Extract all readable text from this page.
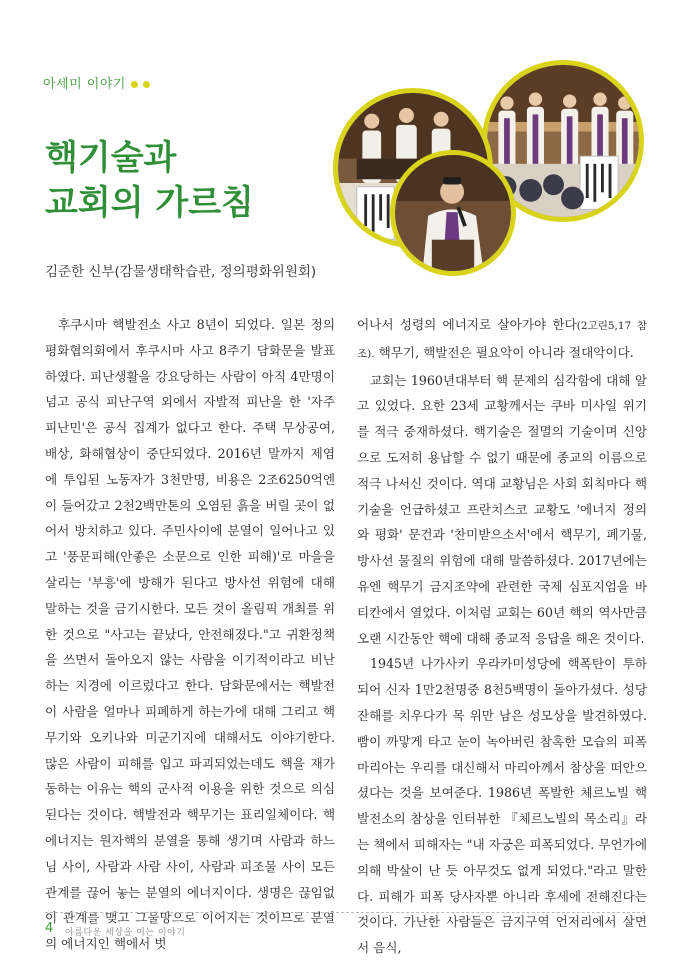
아세미 이야기
핵기술과
교회의 가르침
김준한 신부(감물생태학습관, 정의평화위원회)

후쿠시마 핵발전소 사고 8년이 되었다. 일본 정의평화협의회에서 후쿠시마 사고 8주기 담화문을 발표하였다. 피난생활을 강요당하는 사람이 아직 4만명이 넘고 공식 피난구역 외에서 자발적 피난을 한 '자주 피난민'은 공식 집계가 없다고 한다. 주택 무상공여, 배상, 화해협상이 중단되었다. 2016년 말까지 제염에 투입된 노동자가 3천만명, 비용은 2조6250억엔이 들어갔고 2천2백만톤의 오염된 흙을 버릴 곳이 없어서 방치하고 있다. 주민사이에 분열이 일어나고 있고 '풍문피해(안좋은 소문으로 인한 피해)'로 마을을 살리는 '부흥'에 방해가 된다고 방사선 위험에 대해 말하는 것을 금기시한다. 모든 것이 올림픽 개최를 위한 것으로 "사고는 끝났다, 안전해졌다."고 귀환정책을 쓰면서 돌아오지 않는 사람을 이기적이라고 비난하는 지경에 이르렀다고 한다. 담화문에서는 핵발전이 사람을 얼마나 피폐하게 하는가에 대해 그리고 핵무기와 오키나와 미군기지에 대해서도 이야기한다. 많은 사람이 피해를 입고 파괴되었는데도 핵을 재가동하는 이유는 핵의 군사적 이용을 위한 것으로 의심된다는 것이다. 핵발전과 핵무기는 표리일체이다. 핵에너지는 원자핵의 분열을 통해 생기며 사람과 하느님 사이, 사람과 사람 사이, 사람과 피조물 사이 모든 관계를 끊어 놓는 분열의 에너지이다. 생명은 끊임없이 관계를 맺고 그물망으로 이어지는 것이므로 분열의 에너지인 핵에서 벗

어나서 성령의 에너지로 살아가야 한다(2고린5,17 참조). 핵무기, 핵발전은 필요악이 아니라 절대악이다.

교회는 1960년대부터 핵 문제의 심각함에 대해 알고 있었다. 요한 23세 교황께서는 쿠바 미사일 위기를 적극 중재하셨다. 핵기술은 절멸의 기술이며 신앙으로 도저히 용납할 수 없기 때문에 종교의 이름으로 적극 나서신 것이다. 역대 교황님은 사회 회칙마다 핵기술을 언급하셨고 프란치스코 교황도 '에너지 정의와 평화' 문건과 '찬미받으소서'에서 핵무기, 폐기물, 방사선 물질의 위험에 대해 말씀하셨다. 2017년에는 유엔 핵무기 금지조약에 관련한 국제 심포지엄을 바티칸에서 열었다. 이처럼 교회는 60년 핵의 역사만큼 오랜 시간동안 핵에 대해 종교적 응답을 해온 것이다.

1945년 나가사키 우라카미성당에 핵폭탄이 투하되어 신자 1만2천명중 8천5백명이 돌아가셨다. 성당 잔해를 치우다가 목 위만 남은 성모상을 발견하였다. 빰이 까맣게 타고 눈이 녹아버린 참혹한 모습의 피폭 마리아는 우리를 대신해서 마리아께서 참상을 떠안으셨다는 것을 보여준다. 1986년 폭발한 체르노빌 핵발전소의 참상을 인터뷰한 『체르노빌의 목소리』라는 책에서 피해자는 "내 자궁은 피폭되었다. 무언가에 의해 박살이 난 듯 아무것도 없게 되었다."라고 말한다. 피해가 피폭 당사자뿐 아니라 후세에 전해진다는 것이다. 가난한 사람들은 금지구역 언저리에서 살면서 음식,

4 아름다운 세상을 여는 이야기
